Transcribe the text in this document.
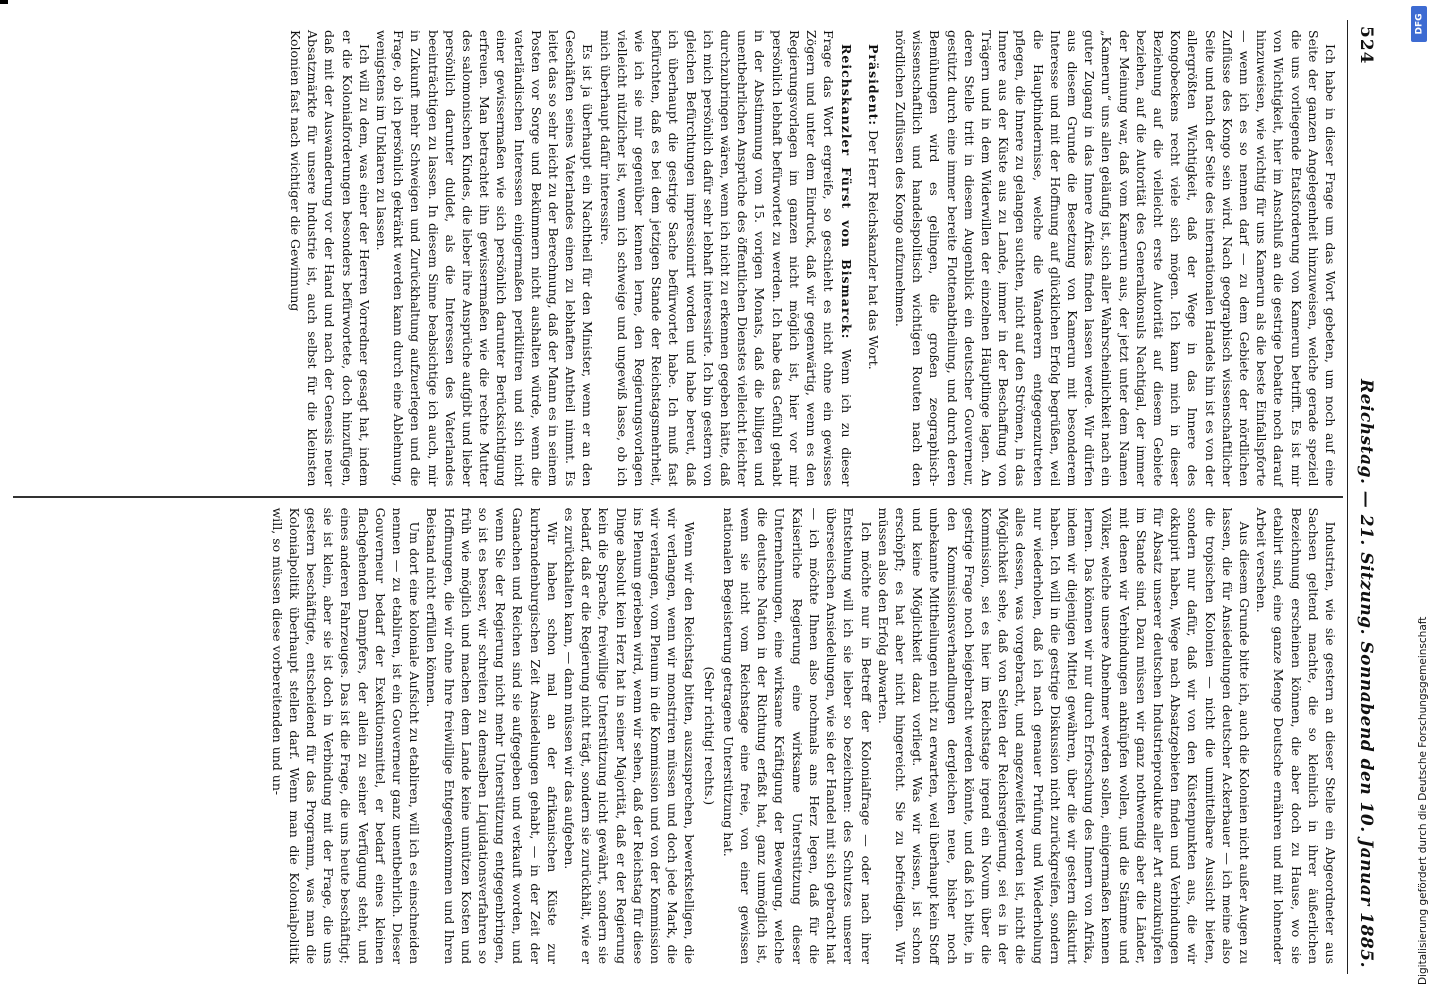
524
Reichstag. — 21. Sitzung. Sonnabend den 10. Januar 1885.

Ich habe in dieser Frage um das Wort gebeten, um noch auf eine Seite der ganzen Angelegenheit hinzuweisen, welche gerade speziell die uns vorliegende Etatsforderung von Kamerun betrifft. Es ist mir von Wichtigkeit, hier im Anschluß an die gestrige Debatte noch darauf hinzuweisen, wie wichtig für uns Kamerun als die beste Einfallspforte — wenn ich es so nennen darf — zu dem Gebiete der nördlichen Zuflüsse des Kongo sein wird. Nach geographisch wissenschaftlicher Seite und nach der Seite des internationalen Handels hin ist es von der allergrößten Wichtigkeit, daß der Wege in das Innere des Kongobeckens recht viele sich mögen. Ich kann mich in dieser Beziehung auf die vielleicht erste Autorität auf diesem Gebiete beziehen, auf die Autorität des Generalkonsuls Nachtigal, der immer der Meinung war, daß vom Kamerun aus, der jetzt unter dem Namen „Kamerun“ uns allen geläufig ist, sich aller Wahrscheinlichkeit nach ein guter Zugang in das Innere Afrikas finden lassen werde. Wir dürfen aus diesem Grunde die Besetzung von Kamerun mit besonderem Interesse und mit der Hoffnung auf glücklichen Erfolg begrüßen, weil die Haupthindernisse, welche die Wanderern entgegenzutreten pflegen, die Innere zu gelangen suchten, nicht auf den Strömen, in das Innere aus der Küste aus zu Lande, immer in der Beschaffung von Trägern und in dem Widerwillen der einzelnen Häuptlinge lagen. An deren Stelle tritt in diesem Augenblick ein deutscher Gouverneur, gestützt durch eine immer bereite Flottenabtheilung, und durch deren Bemühungen wird es gelingen, die großen zeographisch-wissenschaftlich und handelspolitisch wichtigen Routen nach den nördlichen Zuflüssen des Kongo aufzunehmen.

Präsident: Der Herr Reichskanzler hat das Wort.

Reichskanzler Fürst von Bismarck: Wenn ich zu dieser Frage das Wort ergreife, so geschieht es nicht ohne ein gewisses Zögern und unter dem Eindruck, daß wir gegenwärtig, wenn es den Regierungsvorlagen im ganzen nicht möglich ist, hier vor mir persönlich lebhaft befürwortet zu werden. Ich habe das Gefühl gehabt in der Abstimmung vom 15. vorigen Monats, daß die billigen und unentbehrlichen Ansprüche des öffentlichen Dienstes vielleicht leichter durchzubringen wären, wenn ich nicht zu erkennen gegeben hätte, daß ich mich persönlich dafür sehr lebhaft interessirte. Ich bin gestern von gleichen Befürchtungen impressionirt worden und habe bereut, daß ich überhaupt die gestrige Sache befürwortet habe. Ich muß fast befürchten, daß es bei dem jetzigen Stande der Reichstagsmehrheit, wie ich sie mir gegenüber kennen lerne, den Regierungsvorlagen vielleicht nützlicher ist, wenn ich schweige und ungewiß lasse, ob ich mich überhaupt dafür interessire.

Es ist ja überhaupt ein Nachtheil für den Minister, wenn er an den Geschäften seines Vaterlandes einen zu lebhaften Antheil nimmt. Es leitet das so sehr leicht zu der Berechnung, daß der Mann es in seinem Posten vor Sorge und Bekümmern nicht aushalten würde, wenn die vaterländischen Interessen einigermaßen periklitiren und sich nicht einer gewissermaßen wie sich persönlich darunter Berücksichtigung erfreuen. Man betrachtet ihn gewissermaßen wie die rechte Mutter des salomonischen Kindes, die lieber ihre Ansprüche aufgibt und lieber persönlich darunter duldet, als die Interessen des Vaterlandes beeinträchtigen zu lassen. In diesem Sinne beabsichtige ich auch, mir in Zukunft mehr Schweigen und Zurückhaltung aufzuerlegen und die Frage, ob ich persönlich gekränkt werden kann durch eine Ablehnung, wenigstens im Unklaren zu lassen.

Ich will zu dem, was einer der Herren Vorredner gesagt hat, indem er die Kolonialforderungen besonders befürwortete, doch hinzufügen, daß mit der Auswanderung vor der Hand und nach der Genesis neuer Absatzmärkte für unsere Industrie ist, auch selbst für die kleinsten Kolonien fast nach wichtiger die Gewinnung

Industrien, wie sie gestern an dieser Stelle ein Abgeordneter aus Sachsen geltend machte, die so kleinlich in ihrer äußerlichen Bezeichnung erscheinen können, die aber doch zu Hause, wo sie etablirt sind, eine ganze Menge Deutsche ernähren und mit lohnender Arbeit versehen.

Aus diesem Grunde bitte ich, auch die Kolonien nicht außer Augen zu lassen, die für Ansiedelungen deutscher Ackerbauer — ich meine also die tropischen Kolonien — nicht die unmittelbare Aussicht bieten, sondern nur dafür, daß wir von den Küstenpunkten aus, die wir okkupirt haben, Wege nach Absatzgebieten finden und Verbindungen für Absatz unserer deutschen Industrieprodukte aller Art anzuknüpfen im Stande sind. Dazu müssen wir ganz nothwendig aber die Länder, mit denen wir Verbindungen anknüpfen wollen, und die Stämme und Völker, welche unsere Abnehmer werden sollen, einigermaßen kennen lernen. Das können wir nur durch Erforschung des Innern von Afrika, indem wir diejenigen Mittel gewähren, über die wir gestern diskutirt haben. Ich will in die gestrige Diskussion nicht zurückgreifen, sondern nur wiederholen, daß ich nach genauer Prüfung und Wiederholung alles dessen, was vorgebracht, und angezweifelt worden ist, nicht die Möglichkeit sehe, daß von Seiten der Reichsregierung, sei es in der Kommission, sei es hier im Reichstage irgend ein Novum über die gestrige Frage noch beigebracht werden könnte, und daß ich bitte, in den Kommissionsverhandlungen dergleichen neue, bisher noch unbekannte Mittheilungen nicht zu erwarten, weil überhaupt kein Stoff und keine Möglichkeit dazu vorliegt. Was wir wissen, ist schon erschöpft; es hat aber nicht hingereicht. Sie zu befriedigen. Wir müssen also den Erfolg abwarten.

Ich möchte nur in Betreff der Kolonialfrage — oder nach ihrer Entstehung will ich sie lieber so bezeichnen: des Schutzes unserer überseeischen Ansiedelungen, wie sie der Handel mit sich gebracht hat — ich möchte Ihnen also nochmals ans Herz legen, daß für die Kaiserliche Regierung eine wirksame Unterstützung dieser Unternehmungen, eine wirksame Kräftigung der Bewegung, welche die deutsche Nation in der Richtung erfaßt hat, ganz unmöglich ist, wenn sie nicht vom Reichstage eine freie, von einer gewissen nationalen Begeisterung getragene Unterstützung hat.

(Sehr richtig! rechts.)

Wenn wir den Reichstag bitten, auszusprechen, bewerkstelligen, die wir verlangen, wenn wir monstriren müssen und doch jede Mark, die wir verlangen, vom Plenum in die Kommission und von der Kommission ins Plenum gerieben wird, wenn wir sehen, daß der Reichstag für diese Dinge absolut kein Herz hat in seiner Majorität, daß er der Regierung kein die Sprache, freiwillige Unterstützung nicht gewährt, sondern sie bedarf, daß er die Regierung nicht trägt, sondern sie zurückhält, wie er es zurückhalten kann, — dann müssen wir das aufgeben.

Wir haben schon mal an der afrikanischen Küste zur kurbrandenburgischen Zeit Ansiedelungen gehabt, — in der Zeit der Ganachen und Reichen sind sie aufgegeben und verkauft worden, und wenn Sie der Regierung nicht mehr Unterstützung entgegenbringen, so ist es besser, wir schreiten zu demselben Liquidationsverfahren so früh wie möglich und machen dem Lande keine unnützen Kosten und Hoffnungen, die wir ohne Ihre freiwillige Entgegenkommen und Ihren Beistand nicht erfüllen können.

Um dort eine koloniale Aufsicht zu etabliren, will ich es einschneiden nennen — zu etabliren, ist ein Gouverneur ganz unentbehrlich. Dieser Gouverneur bedarf der Exekutionsmittel, er bedarf eines kleinen flachgehenden Dampfers, der allein zu seiner Verfügung steht, und eines anderen Fahrzeuges. Das ist die Frage, die uns heute beschäftigt; sie ist klein, aber sie ist doch in Verbindung mit der Frage, die uns gestern beschäftigte, entscheidend für das Programm, was man die Kolonialpolitik überhaupt stellen darf. Wenn man die Kolonialpolitik will, so müssen diese vorbereitenden und un-

DFG
Digitalisierung gefördert durch die Deutsche Forschungsgemeinschaft
